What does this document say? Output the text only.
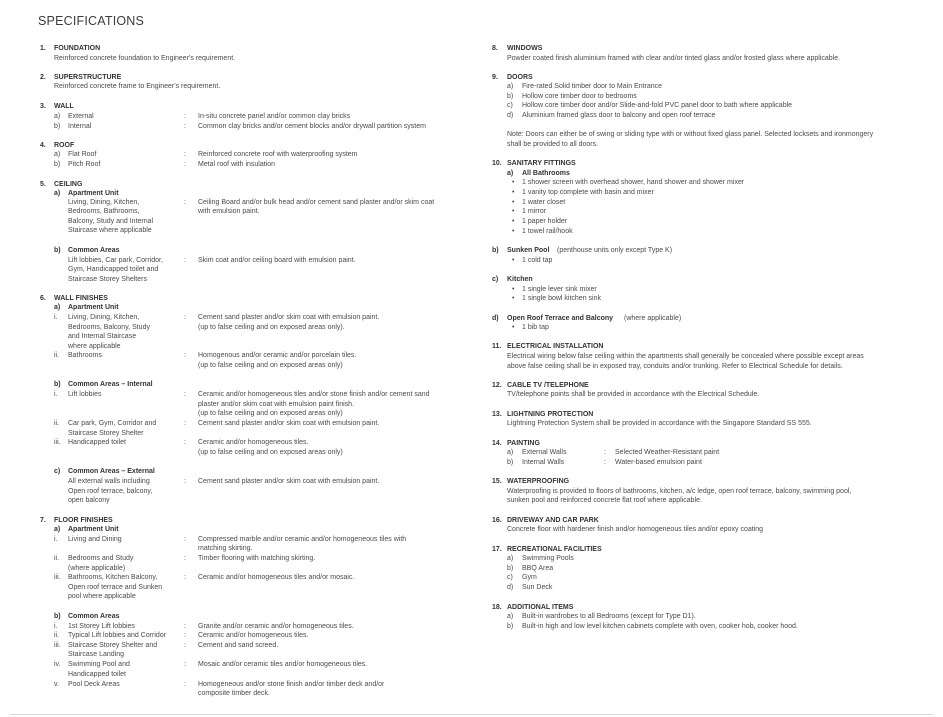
SPECIFICATIONS
1. FOUNDATION
Reinforced concrete foundation to Engineer's requirement.
2. SUPERSTRUCTURE
Reinforced concrete frame to Engineer's requirement.
3. WALL
a) External	: In-situ concrete panel and/or common clay bricks
b) Internal	: Common clay bricks and/or cement blocks and/or drywall partition system
4. ROOF
a) Flat Roof	: Reinforced concrete roof with waterproofing system
b) Pitch Roof	: Metal roof with insulation
5. CEILING
a) Apartment Unit
Living, Dining, Kitchen,	: Ceiling Board and/or bulk head and/or cement sand plaster and/or skim coat
Bedrooms, Bathrooms,	with emulsion paint.
Balcony, Study and Internal
Staircase where applicable
b) Common Areas
Lift lobbies, Car park, Corridor,	: Skim coat and/or ceiling board with emulsion paint.
Gym, Handicapped toilet and
Staircase Storey Shelters
6. WALL FINISHES
a) Apartment Unit
i. Living, Dining, Kitchen,	: Cement sand plaster and/or skim coat with emulsion paint.
Bedrooms, Balcony, Study	(up to false ceiling and on exposed areas only).
and Internal Staircase
where applicable
ii. Bathrooms	: Homogenous and/or ceramic and/or porcelain tiles.
(up to false ceiling and on exposed areas only)
b) Common Areas – Internal
i. Lift lobbies	: Ceramic and/or homogeneous tiles and/or stone finish and/or cement sand
plaster and/or skim coat with emulsion paint finish.
(up to false ceiling and on exposed areas only)
ii. Car park, Gym, Corridor and	: Cement sand plaster and/or skim coat with emulsion paint.
Staircase Storey Shelter
iii. Handicapped toilet	: Ceramic and/or homogeneous tiles.
(up to false ceiling and on exposed areas only)
c) Common Areas – External
All external walls including	: Cement sand plaster and/or skim coat with emulsion paint.
Open roof terrace, balcony,
open balcony
7. FLOOR FINISHES
a) Apartment Unit
i. Living and Dining	: Compressed marble and/or ceramic and/or homogeneous tiles with
matching skirting.
ii. Bedrooms and Study	: Timber flooring with matching skirting.
(where applicable)
iii. Bathrooms, Kitchen Balcony,	: Ceramic and/or homogeneous tiles and/or mosaic.
Open roof terrace and Sunken
pool where applicable
b) Common Areas
i. 1st Storey Lift lobbies	: Granite and/or ceramic and/or homogeneous tiles.
ii. Typical Lift lobbies and Corridor	: Ceramic and/or homogeneous tiles.
iii. Staircase Storey Shelter and	: Cement and sand screed.
Staircase Landing
iv. Swimming Pool and	: Mosaic and/or ceramic tiles and/or homogeneous tiles.
Handicapped toilet
v. Pool Deck Areas	: Homogeneous and/or stone finish and/or timber deck and/or
composite timber deck.
8. WINDOWS
Powder coated finish aluminium framed with clear and/or tinted glass and/or frosted glass where applicable.
9. DOORS
a) Fire-rated Solid timber door to Main Entrance
b) Hollow core timber door to bedrooms
c) Hollow core timber door and/or Slide-and-fold PVC panel door to bath where applicable
d) Aluminium framed glass door to balcony and open roof terrace
Note: Doors can either be of swing or sliding type with or without fixed glass panel. Selected locksets and ironmongery
shall be provided to all doors.
10. SANITARY FITTINGS
a) All Bathrooms
• 1 shower screen with overhead shower, hand shower and shower mixer
• 1 vanity top complete with basin and mixer
• 1 water closet
• 1 mirror
• 1 paper holder
• 1 towel rail/hook
b) Sunken Pool (penthouse units only except Type K)
• 1 cold tap
c) Kitchen
• 1 single lever sink mixer
• 1 single bowl kitchen sink
d) Open Roof Terrace and Balcony (where applicable)
• 1 bib tap
11. ELECTRICAL INSTALLATION
Electrical wiring below false ceiling within the apartments shall generally be concealed where possible except areas
above false ceiling shall be in exposed tray, conduits and/or trunking. Refer to Electrical Schedule for details.
12. CABLE TV /TELEPHONE
TV/telephone points shall be provided in accordance with the Electrical Schedule.
13. LIGHTNING PROTECTION
Lightning Protection System shall be provided in accordance with the Singapore Standard SS 555.
14. PAINTING
a) External Walls	: Selected Weather-Resistant paint
b) Internal Walls	: Water-based emulsion paint
15. WATERPROOFING
Waterproofing is provided to floors of bathrooms, kitchen, a/c ledge, open roof terrace, balcony, swimming pool,
sunken pool and reinforced concrete flat roof where applicable.
16. DRIVEWAY AND CAR PARK
Concrete floor with hardener finish and/or homogeneous tiles and/or epoxy coating
17. RECREATIONAL FACILITIES
a) Swimming Pools
b) BBQ Area
c) Gym
d) Sun Deck
18. ADDITIONAL ITEMS
a) Built-in wardrobes to all Bedrooms (except for Type D1).
b) Built-in high and low level kitchen cabinets complete with oven, cooker hob, cooker hood.
